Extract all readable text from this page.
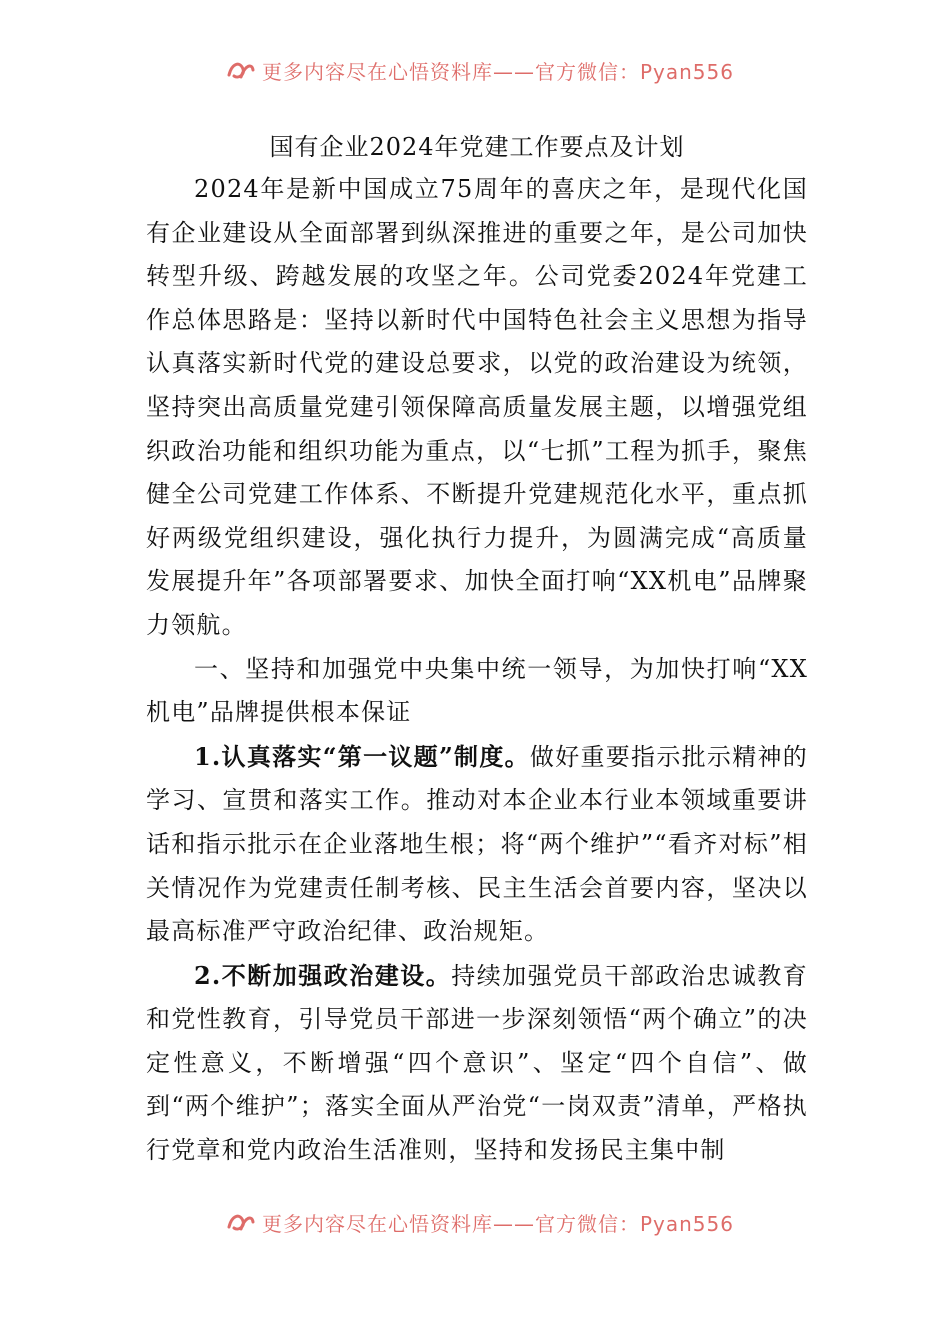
更多内容尽在心悟资料库——官方微信：Pyan556

国有企业2024年党建工作要点及计划

2024年是新中国成立75周年的喜庆之年，是现代化国有企业建设从全面部署到纵深推进的重要之年，是公司加快转型升级、跨越发展的攻坚之年。公司党委2024年党建工作总体思路是：坚持以新时代中国特色社会主义思想为指导认真落实新时代党的建设总要求，以党的政治建设为统领，坚持突出高质量党建引领保障高质量发展主题，以增强党组织政治功能和组织功能为重点，以“七抓”工程为抓手，聚焦健全公司党建工作体系、不断提升党建规范化水平，重点抓好两级党组织建设，强化执行力提升，为圆满完成“高质量发展提升年”各项部署要求、加快全面打响“XX机电”品牌聚力领航。

一、坚持和加强党中央集中统一领导，为加快打响“XX机电”品牌提供根本保证

1.认真落实“第一议题”制度。做好重要指示批示精神的学习、宣贯和落实工作。推动对本企业本行业本领域重要讲话和指示批示在企业落地生根；将“两个维护”“看齐对标”相关情况作为党建责任制考核、民主生活会首要内容，坚决以最高标准严守政治纪律、政治规矩。

2.不断加强政治建设。持续加强党员干部政治忠诚教育和党性教育，引导党员干部进一步深刻领悟“两个确立”的决定性意义，不断增强“四个意识”、坚定“四个自信”、做到“两个维护”；落实全面从严治党“一岗双责”清单，严格执行党章和党内政治生活准则，坚持和发扬民主集中制

更多内容尽在心悟资料库——官方微信：Pyan556
